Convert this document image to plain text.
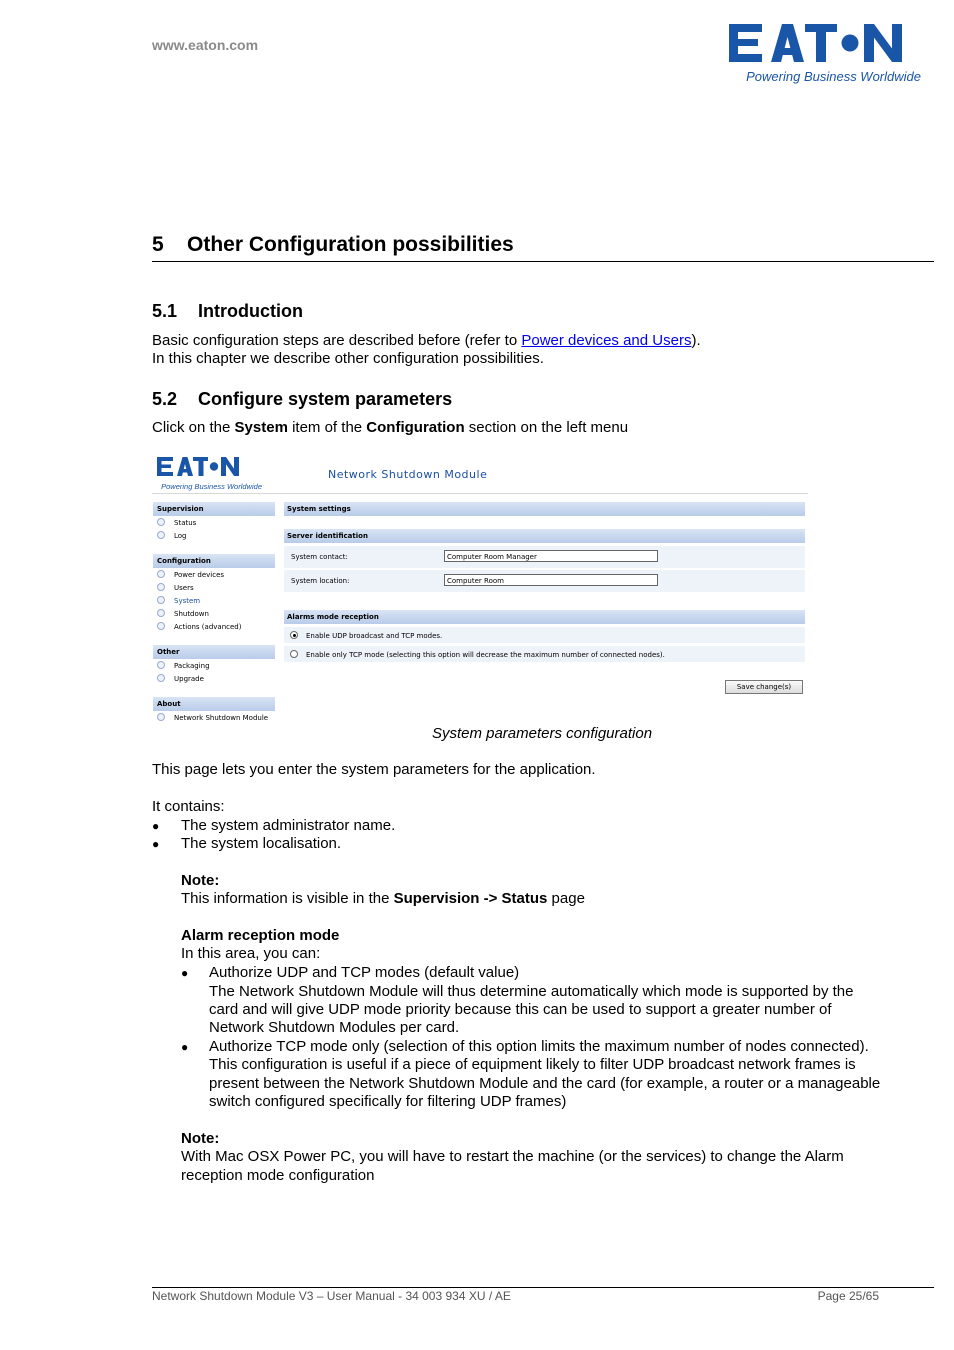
www.eaton.com
Powering Business Worldwide
5 Other Configuration possibilities
5.1 Introduction
Basic configuration steps are described before (refer to Power devices and Users).
In this chapter we describe other configuration possibilities.
5.2 Configure system parameters
Click on the System item of the Configuration section on the left menu
Powering Business Worldwide
Network Shutdown Module
Supervision
Status
Log
Configuration
Power devices
Users
System
Shutdown
Actions (advanced)
Other
Packaging
Upgrade
About
Network Shutdown Module
System settings
Server identification
System contact:	Computer Room Manager
System location:	Computer Room
Alarms mode reception
Enable UDP broadcast and TCP modes.
Enable only TCP mode (selecting this option will decrease the maximum number of connected nodes).
Save change(s)
System parameters configuration
This page lets you enter the system parameters for the application.
It contains:
● The system administrator name.
● The system localisation.
Note:
This information is visible in the Supervision -> Status page
Alarm reception mode
In this area, you can:
● Authorize UDP and TCP modes (default value)
The Network Shutdown Module will thus determine automatically which mode is supported by the
card and will give UDP mode priority because this can be used to support a greater number of
Network Shutdown Modules per card.
● Authorize TCP mode only (selection of this option limits the maximum number of nodes connected).
This configuration is useful if a piece of equipment likely to filter UDP broadcast network frames is
present between the Network Shutdown Module and the card (for example, a router or a manageable
switch configured specifically for filtering UDP frames)
Note:
With Mac OSX Power PC, you will have to restart the machine (or the services) to change the Alarm
reception mode configuration
Network Shutdown Module V3 – User Manual - 34 003 934 XU / AE	Page 25/65
